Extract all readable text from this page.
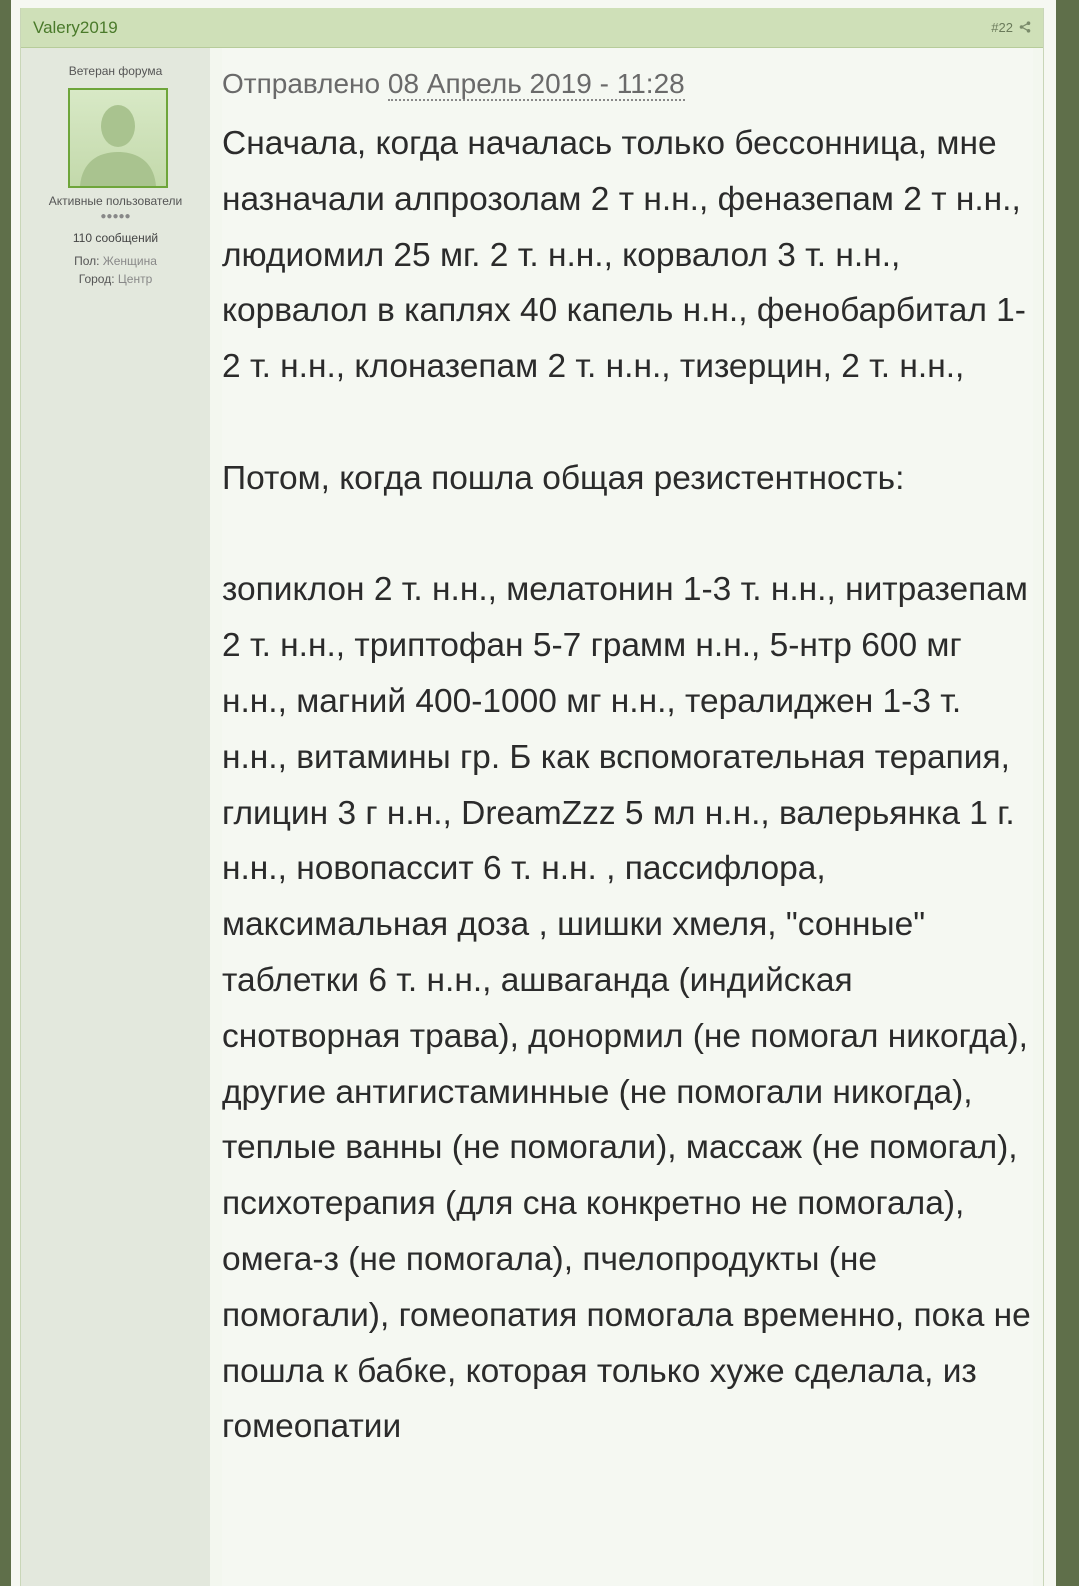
Valery2019	#22
Ветеран форума
Активные пользователи
●●●●●
110 сообщений
Пол: Женщина
Город: Центр
Отправлено 08 Апрель 2019 - 11:28

Сначала, когда началась только бессонница, мне назначали алпрозолам 2 т н.н., феназепам 2 т н.н., людиомил 25 мг. 2 т. н.н., корвалол 3 т. н.н., корвалол в каплях 40 капель н.н., фенобарбитал 1-2 т. н.н., клоназепам 2 т. н.н., тизерцин, 2 т. н.н.,

Потом, когда пошла общая резистентность:

зопиклон 2 т. н.н., мелатонин 1-3 т. н.н., нитразепам 2 т. н.н., триптофан 5-7 грамм н.н., 5-нтр 600 мг н.н., магний 400-1000 мг н.н., тералиджен 1-3 т. н.н., витамины гр. Б как вспомогательная терапия, глицин 3 г н.н., DreamZzz 5 мл н.н., валерьянка 1 г. н.н., новопассит 6 т. н.н. , пассифлора, максимальная доза , шишки хмеля, "сонные" таблетки 6 т. н.н., ашваганда (индийская снотворная трава), донормил (не помогал никогда), другие антигистаминные (не помогали никогда), теплые ванны (не помогали), массаж (не помогал), психотерапия (для сна конкретно не помогала), омега-з (не помогала), пчелопродукты (не помогали), гомеопатия помогала временно, пока не пошла к бабке, которая только хуже сделала, из гомеопатии
